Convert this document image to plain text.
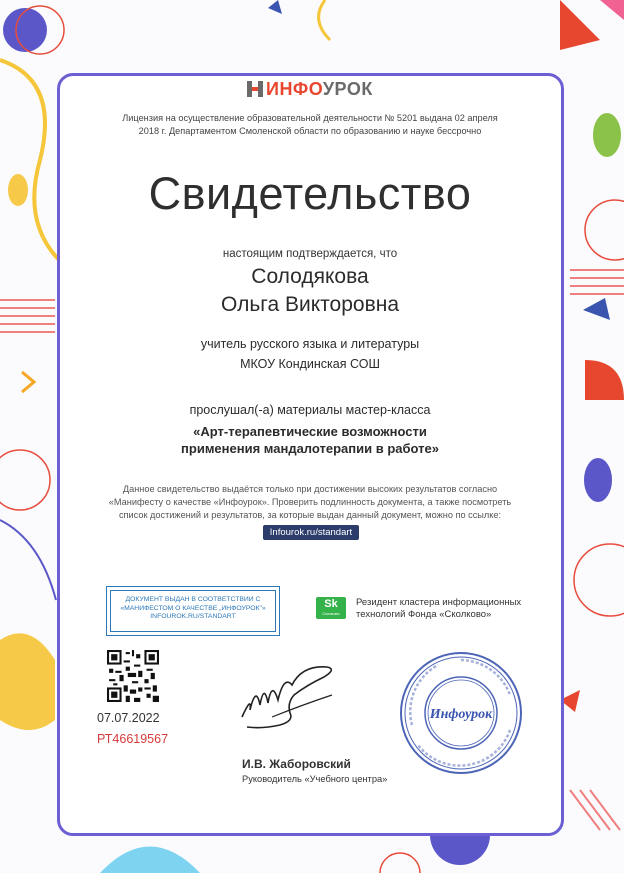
ИНФОУРОК
Лицензия на осуществление образовательной деятельности № 5201 выдана 02 апреля
2018 г. Департаментом Смоленской области по образованию и науке бессрочно
Свидетельство
настоящим подтверждается, что
Солодякова
Ольга Викторовна
учитель русского языка и литературы
МКОУ Кондинская СОШ
прослушал(-а) материалы мастер-класса
«Арт-терапевтические возможности
применения мандалотерапии в работе»
Данное свидетельство выдаётся только при достижении высоких результатов согласно
«Манифесту о качестве «Инфоурок». Проверить подлинность документа, а также посмотреть
список достижений и результатов, за которые выдан данный документ, можно по ссылке:
Infourok.ru/standart
ДОКУМЕНТ ВЫДАН В СООТВЕТСТВИИ С
«МАНИФЕСТОМ О КАЧЕСТВЕ „ИНФОУРОК"»
INFOUROK.RU/STANDART
Sk
Сколково
Резидент кластера информационных
технологий Фонда «Сколково»
07.07.2022
РТ46619567
И.В. Жаборовский
Руководитель «Учебного центра»
Инфоурок
